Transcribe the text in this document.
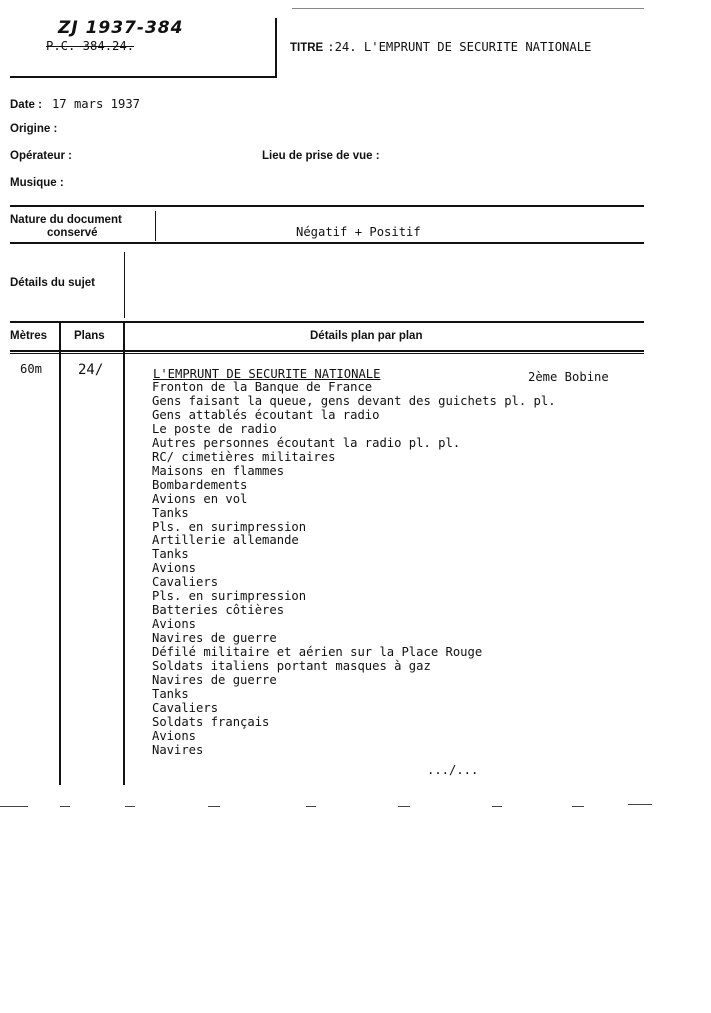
ZJ 1937-384
P.C. 384.24.	TITRE :24. L'EMPRUNT DE SECURITE NATIONALE
Date : 17 mars 1937
Origine :
Opérateur :	Lieu de prise de vue :
Musique :
Nature du document
conservé	Négatif + Positif
Détails du sujet
Mètres Plans	Détails plan par plan
60m	24/	L'EMPRUNT DE SECURITE NATIONALE	2ème Bobine
Fronton de la Banque de France
Gens faisant la queue, gens devant des guichets pl. pl.
Gens attablés écoutant la radio
Le poste de radio
Autres personnes écoutant la radio pl. pl.
RC/ cimetières militaires
Maisons en flammes
Bombardements
Avions en vol
Tanks
Pls. en surimpression
Artillerie allemande
Tanks
Avions
Cavaliers
Pls. en surimpression
Batteries côtières
Avions
Navires de guerre
Défilé militaire et aérien sur la Place Rouge
Soldats italiens portant masques à gaz
Navires de guerre
Tanks
Cavaliers
Soldats français
Avions
Navires
.../...
